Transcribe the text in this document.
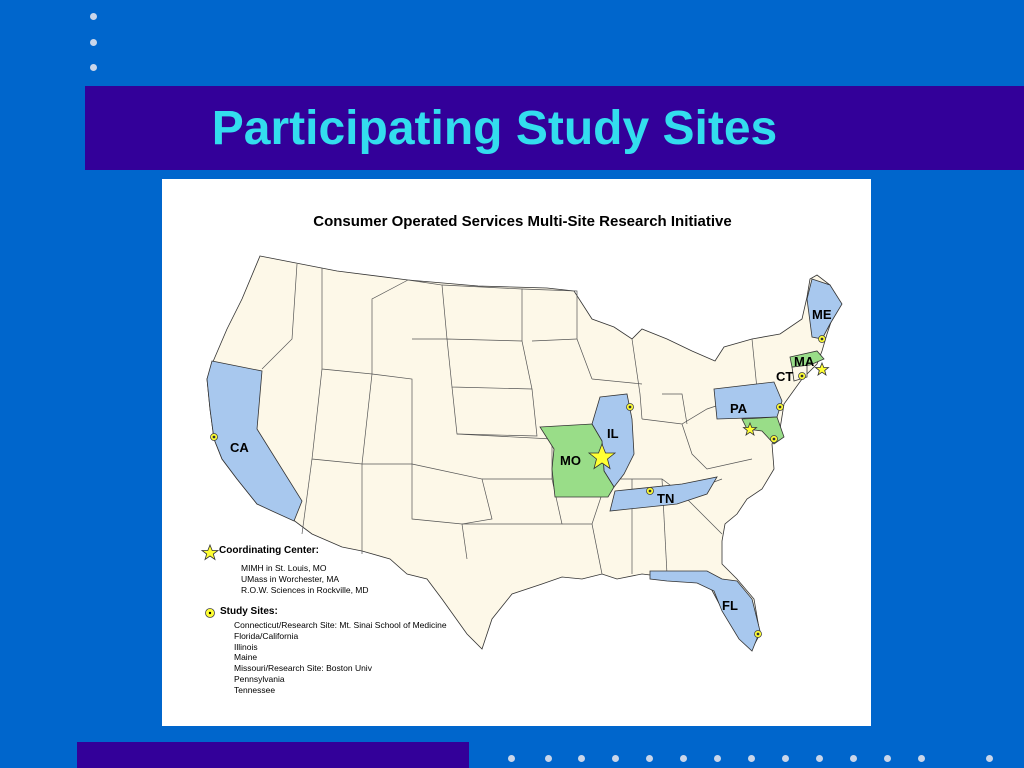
Participating Study Sites
Consumer Operated Services Multi-Site Research Initiative
CA
MO
IL
TN
FL
PA
CT
MA
ME
Coordinating Center:
MIMH in St. Louis, MO
UMass in Worchester, MA
R.O.W. Sciences in Rockville, MD
Study Sites:
Connecticut/Research Site: Mt. Sinai School of Medicine
Florida/California
Illinois
Maine
Missouri/Research Site: Boston Univ
Pennsylvania
Tennessee
